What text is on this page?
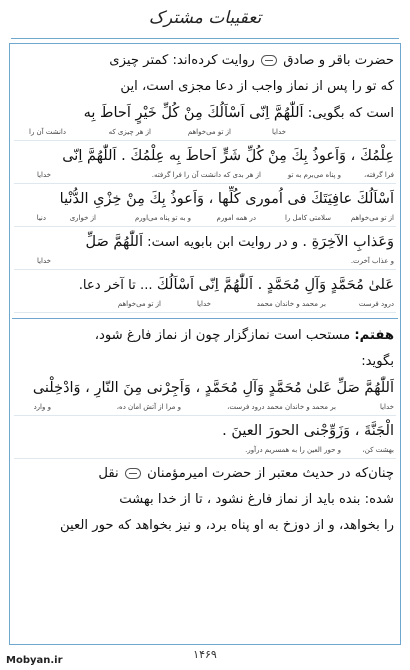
تعقیبات مشترک
حضرت باقر و صادق  روایت کرده‌اند: کمتر چیزی
که تو را پس از نماز واجب از دعا مجزی است، این
است که بگویی: اَللّٰهُمَّ اِنّی اَسْاَلُكَ مِنْ كُلِّ خَیْرٍ اَحاطَ بِه
خدایا
از تو می‌خواهم
از هر چیزی که
دانشت آن را
عِلْمُكَ ، وَاَعوذُ بِكَ مِنْ كُلِّ شَرٍّ اَحاطَ بِه عِلْمُكَ . اَللّٰهُمَّ اِنّی
فرا گرفته،
و پناه می‌برم به تو
از هر بدی که دانشت آن را فرا گرفته.
خدایا
اَسْاَلُكَ عافِیَتَكَ فی اُموری كُلِّها ، وَاَعوذُ بِكَ مِنْ خِزْیِ الدُّنْیا
از تو می‌خواهم
سلامتی کامل را
در همه امورم
و به تو پناه می‌اورم
از خواری
دنیا
وَعَذابِ الآخِرَةِ . و در روایت ابن بابویه است: اَللّٰهُمَّ صَلِّ
و عذاب آخرت.
خدایا
عَلىٰ مُحَمَّدٍ وَآلِ مُحَمَّدٍ . اَللّٰهُمَّ اِنّی اَسْاَلُكَ ... تا آخر دعا.
درود فرست
بر محمد و خاندان محمد
خدایا
از تو می‌خواهم
هفتم: مستحب است نمازگزار چون از نماز فارغ شود،
بگوید:
اَللّٰهُمَّ صَلِّ عَلىٰ مُحَمَّدٍ وَآلِ مُحَمَّدٍ ، وَاَجِرْنی مِنَ النّارِ ، وَادْخِلْنی
خدایا
بر محمد و خاندان محمد درود فرست،
و مرا از آتش امان ده،
و وارد
الْجَنَّةَ ، وَزَوِّجْنی الحورَ العینَ .
بهشت کن،
و حور العین را به همسریم درآور.
چنان‌که در حدیث معتبر از حضرت امیرمؤمنان  نقل
شده: بنده باید از نماز فارغ نشود ، تا از خدا بهشت
را بخواهد، و از دوزخ به او پناه برد، و نیز بخواهد که حور العین
۱۴۶۹
Mobyan.ir
